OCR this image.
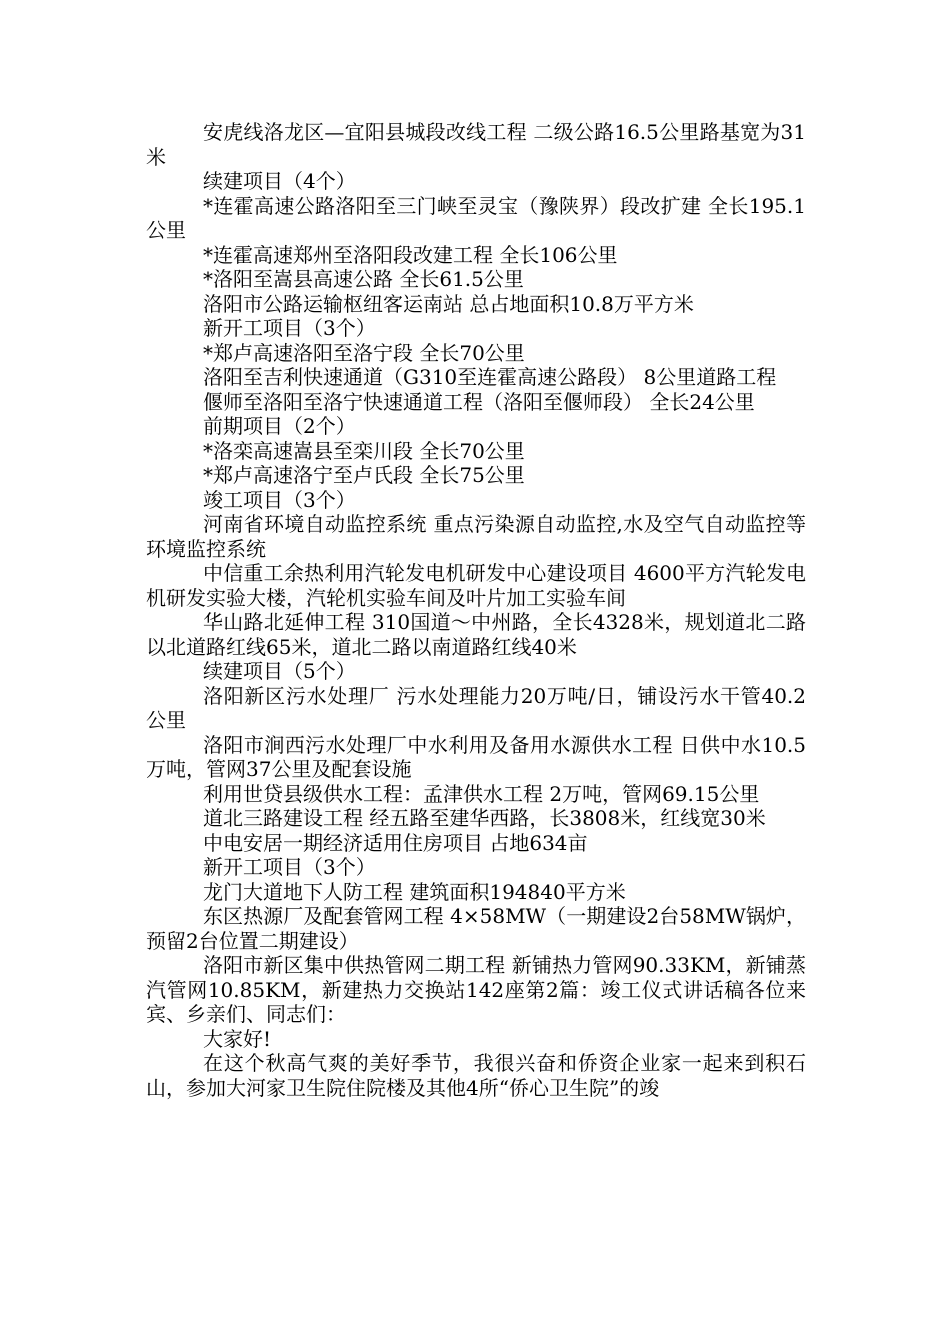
安虎线洛龙区—宜阳县城段改线工程 二级公路16.5公里路基宽为31米

续建项目（4个）

*连霍高速公路洛阳至三门峡至灵宝（豫陕界）段改扩建 全长195.1公里

*连霍高速郑州至洛阳段改建工程 全长106公里

*洛阳至嵩县高速公路 全长61.5公里

洛阳市公路运输枢纽客运南站 总占地面积10.8万平方米

新开工项目（3个）

*郑卢高速洛阳至洛宁段 全长70公里

洛阳至吉利快速通道（G310至连霍高速公路段） 8公里道路工程

偃师至洛阳至洛宁快速通道工程（洛阳至偃师段） 全长24公里

前期项目（2个）

*洛栾高速嵩县至栾川段 全长70公里

*郑卢高速洛宁至卢氏段 全长75公里

竣工项目（3个）

河南省环境自动监控系统 重点污染源自动监控,水及空气自动监控等环境监控系统

中信重工余热利用汽轮发电机研发中心建设项目 4600平方汽轮发电机研发实验大楼，汽轮机实验车间及叶片加工实验车间

华山路北延伸工程 310国道～中州路，全长4328米，规划道北二路以北道路红线65米，道北二路以南道路红线40米

续建项目（5个）

洛阳新区污水处理厂 污水处理能力20万吨/日，铺设污水干管40.2公里

洛阳市涧西污水处理厂中水利用及备用水源供水工程 日供中水10.5万吨，管网37公里及配套设施

利用世贷县级供水工程：孟津供水工程 2万吨，管网69.15公里

道北三路建设工程 经五路至建华西路，长3808米，红线宽30米

中电安居一期经济适用住房项目 占地634亩

新开工项目（3个）

龙门大道地下人防工程 建筑面积194840平方米

东区热源厂及配套管网工程 4×58MW（一期建设2台58MW锅炉，预留2台位置二期建设）

洛阳市新区集中供热管网二期工程 新铺热力管网90.33KM，新铺蒸汽管网10.85KM，新建热力交换站142座第2篇：竣工仪式讲话稿各位来宾、乡亲们、同志们：

大家好!

在这个秋高气爽的美好季节，我很兴奋和侨资企业家一起来到积石山，参加大河家卫生院住院楼及其他4所“侨心卫生院”的竣
